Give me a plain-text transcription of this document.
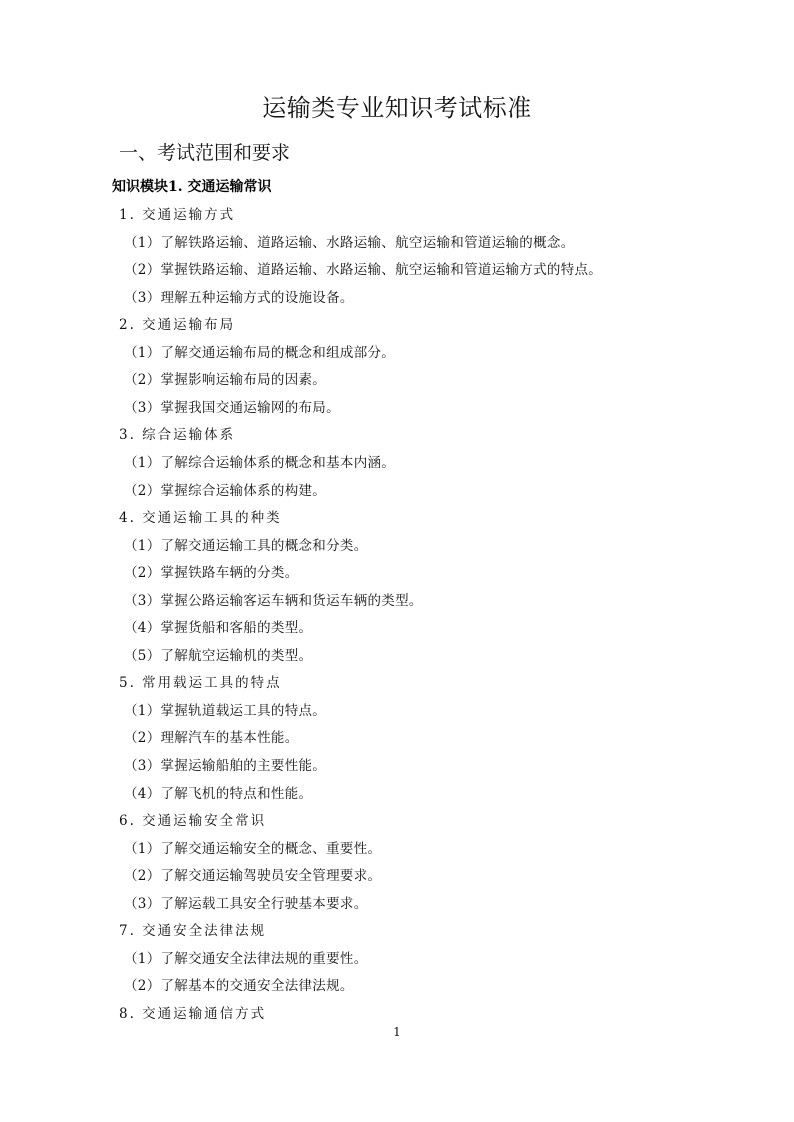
运输类专业知识考试标准
一、考试范围和要求
知识模块1. 交通运输常识
1. 交通运输方式
（1）了解铁路运输、道路运输、水路运输、航空运输和管道运输的概念。
（2）掌握铁路运输、道路运输、水路运输、航空运输和管道运输方式的特点。
（3）理解五种运输方式的设施设备。
2. 交通运输布局
（1）了解交通运输布局的概念和组成部分。
（2）掌握影响运输布局的因素。
（3）掌握我国交通运输网的布局。
3. 综合运输体系
（1）了解综合运输体系的概念和基本内涵。
（2）掌握综合运输体系的构建。
4. 交通运输工具的种类
（1）了解交通运输工具的概念和分类。
（2）掌握铁路车辆的分类。
（3）掌握公路运输客运车辆和货运车辆的类型。
（4）掌握货船和客船的类型。
（5）了解航空运输机的类型。
5. 常用载运工具的特点
（1）掌握轨道载运工具的特点。
（2）理解汽车的基本性能。
（3）掌握运输船舶的主要性能。
（4）了解飞机的特点和性能。
6. 交通运输安全常识
（1）了解交通运输安全的概念、重要性。
（2）了解交通运输驾驶员安全管理要求。
（3）了解运载工具安全行驶基本要求。
7. 交通安全法律法规
（1）了解交通安全法律法规的重要性。
（2）了解基本的交通安全法律法规。
8. 交通运输通信方式
1
